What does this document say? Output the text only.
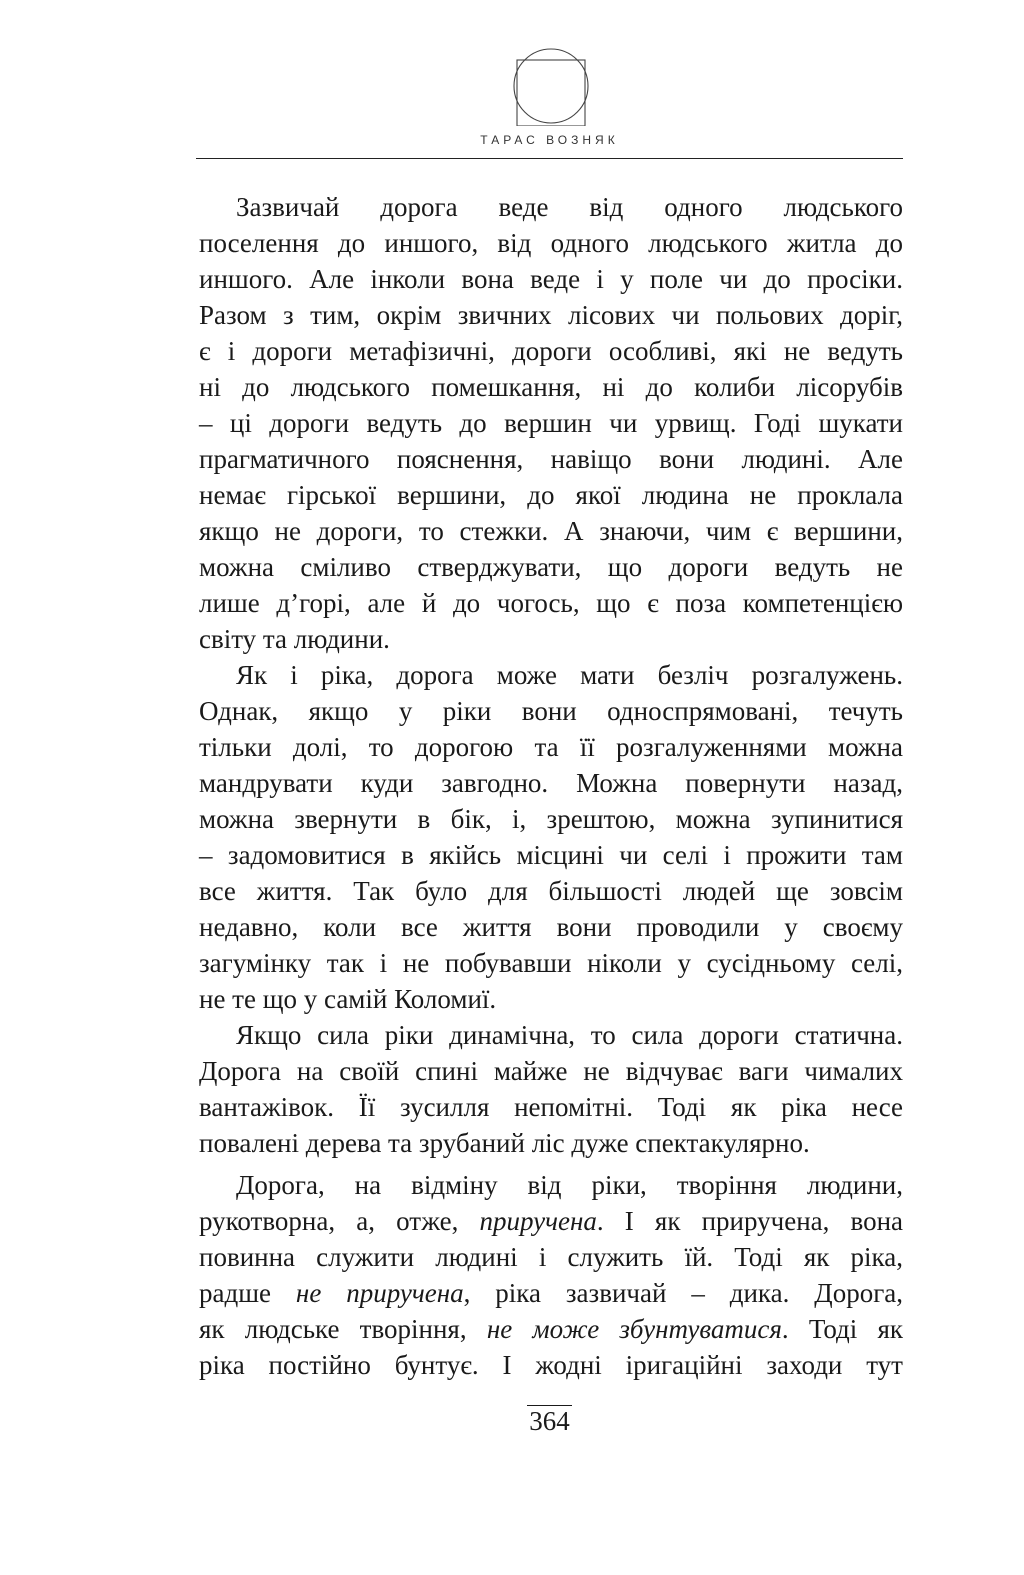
ТАРАС ВОЗНЯК
Зазвичай дорога веде від одного людського
поселення до иншого, від одного людського житла до
иншого. Але інколи вона веде і у поле чи до просіки.
Разом з тим, окрім звичних лісових чи польових доріг,
є і дороги метафізичні, дороги особливі, які не ведуть
ні до людського помешкання, ні до колиби лісорубів
– ці дороги ведуть до вершин чи урвищ. Годі шукати
прагматичного пояснення, навіщо вони людині. Але
немає гірської вершини, до якої людина не проклала
якщо не дороги, то стежки. А знаючи, чим є вершини,
можна сміливо стверджувати, що дороги ведуть не
лише д’горі, але й до чогось, що є поза компетенцією
світу та людини.
Як і ріка, дорога може мати безліч розгалужень.
Однак, якщо у ріки вони односпрямовані, течуть
тільки долі, то дорогою та її розгалуженнями можна
мандрувати куди завгодно. Можна повернути назад,
можна звернути в бік, і, зрештою, можна зупинитися
– задомовитися в якійсь місцині чи селі і прожити там
все життя. Так було для більшості людей ще зовсім
недавно, коли все життя вони проводили у своєму
загумінку так і не побувавши ніколи у сусідньому селі,
не те що у самій Коломиї.
Якщо сила ріки динамічна, то сила дороги статична.
Дорога на своїй спині майже не відчуває ваги чималих
вантажівок. Її зусилля непомітні. Тоді як ріка несе
повалені дерева та зрубаний ліс дуже спектакулярно.
Дорога, на відміну від ріки, творіння людини,
рукотворна, а, отже, приручена. І як приручена, вона
повинна служити людині і служить їй. Тоді як ріка,
радше не приручена, ріка зазвичай – дика. Дорога,
як людське творіння, не може збунтуватися. Тоді як
ріка постійно бунтує. І жодні іригаційні заходи тут
364
